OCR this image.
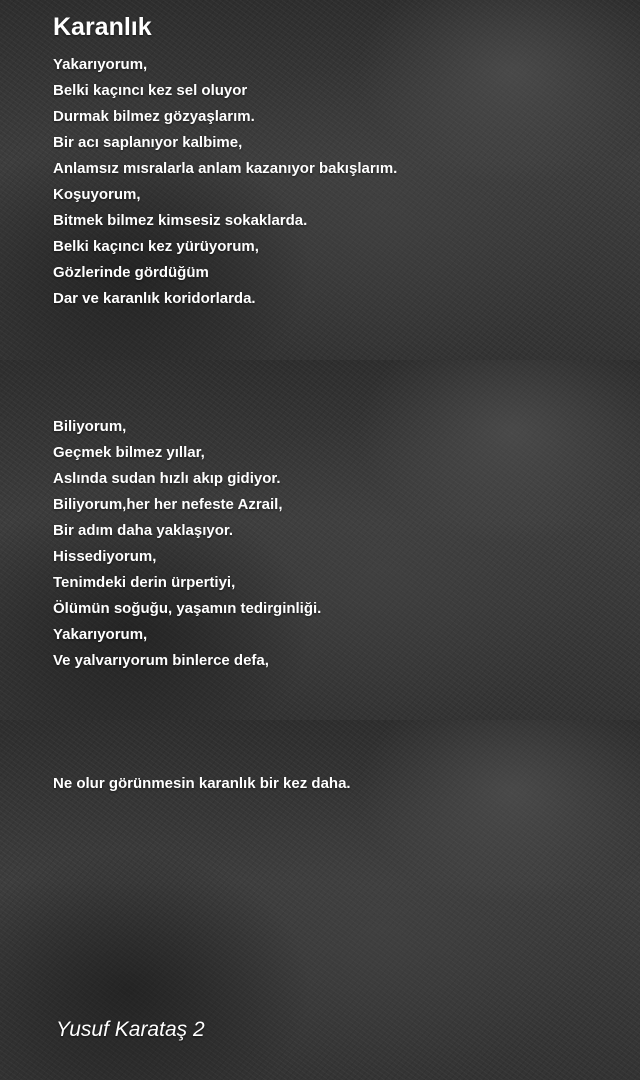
Karanlık
Yakarıyorum,
Belki kaçıncı kez sel oluyor
Durmak bilmez gözyaşlarım.
Bir acı saplanıyor kalbime,
Anlamsız mısralarla anlam kazanıyor bakışlarım.
Koşuyorum,
Bitmek bilmez kimsesiz sokaklarda.
Belki kaçıncı kez yürüyorum,
Gözlerinde gördüğüm
Dar ve karanlık koridorlarda.
Biliyorum,
Geçmek bilmez yıllar,
Aslında sudan hızlı akıp gidiyor.
Biliyorum,her her nefeste Azrail,
Bir adım daha yaklaşıyor.
Hissediyorum,
Tenimdeki derin ürpertiyi,
Ölümün soğuğu, yaşamın tedirginliği.
Yakarıyorum,
Ve yalvarıyorum binlerce defa,
Ne olur görünmesin karanlık bir kez daha.
Yusuf Karataş 2
